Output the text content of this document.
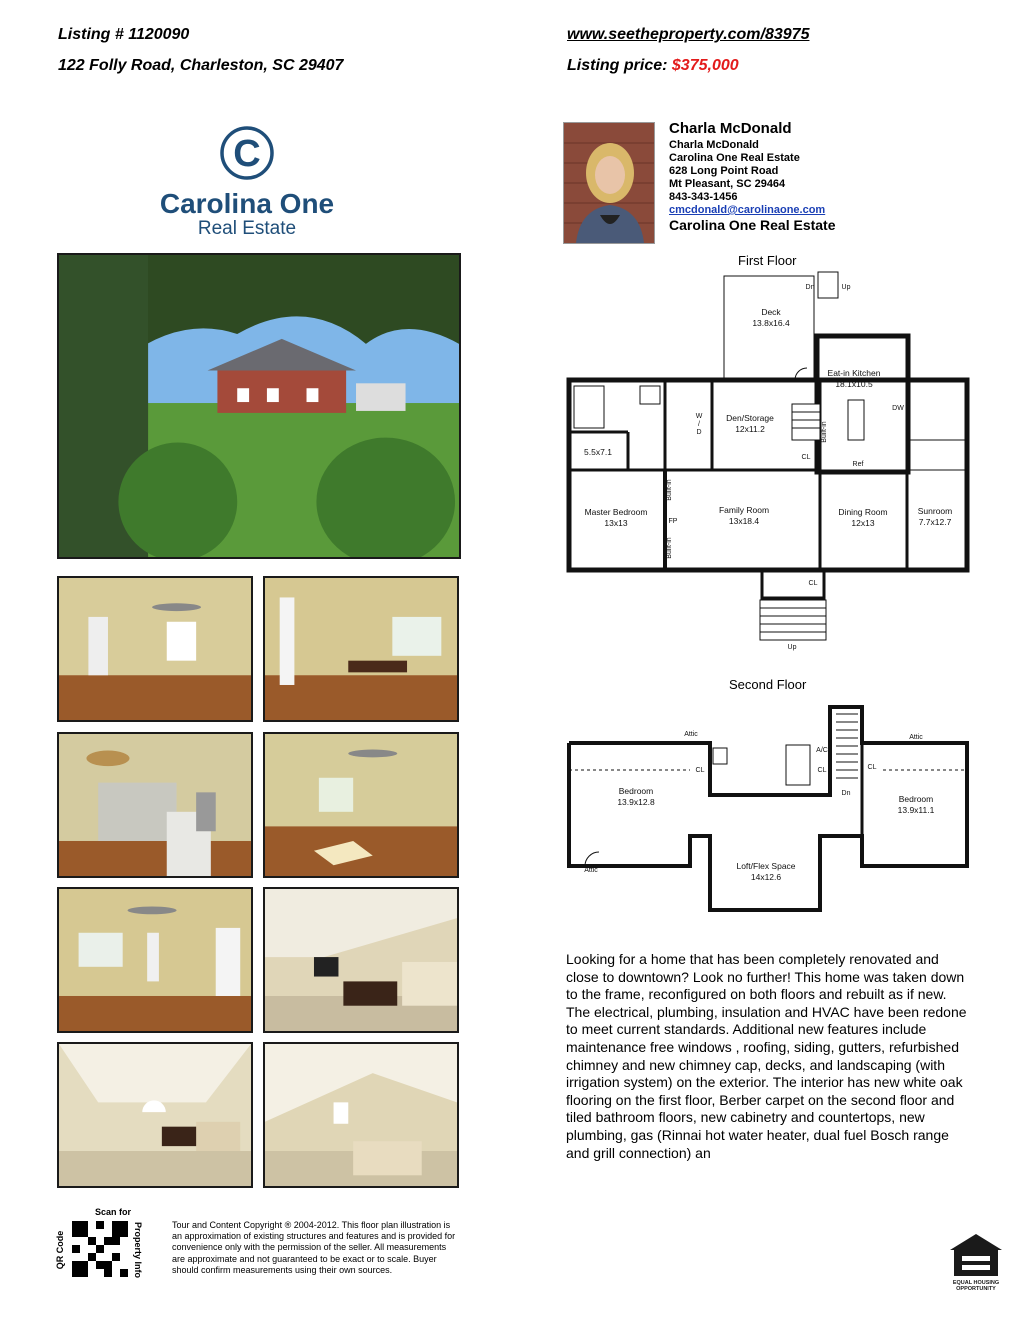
Listing # 1120090
122 Folly Road, Charleston, SC 29407
www.seetheproperty.com/83975
Listing price: $375,000
C
Carolina One
Real Estate
Charla McDonald
Charla McDonald
Carolina One Real Estate
628 Long Point Road
Mt Pleasant, SC 29464
843-343-1456
cmcdonald@carolinaone.com
Carolina One Real Estate
First Floor
Deck
13.8x16.4
Eat-in Kitchen
18.1x10.5
Den/Storage
12x11.2
5.5x7.1
Master Bedroom
13x13
Family Room
13x18.4
Dining Room
12x13
Sunroom
7.7x12.7
Dn	Up
Up
CL
CL
Ref
DW
FP
W
/
D
Built-in
Built-in
Built-in
Second Floor
Bedroom
13.9x12.8	Bedroom
13.9x11.1
Loft/Flex Space
14x12.6
Attic	Attic
Attic
CL	CL	CL
A/C
Dn
Looking for a home that has been completely renovated and close to downtown? Look no further! This home was taken down to the frame, reconfigured on both floors and rebuilt as if new. The electrical, plumbing, insulation and HVAC have been redone to meet current standards. Additional new features include maintenance free windows , roofing, siding, gutters, refurbished chimney and new chimney cap, decks, and landscaping (with irrigation system) on the exterior. The interior has new white oak flooring on the first floor, Berber carpet on the second floor and tiled bathroom floors, new cabinetry and countertops, new plumbing, gas (Rinnai hot water heater, dual fuel Bosch range and grill connection) an
Scan for
QR Code	Property Info	Tour and Content Copyright ® 2004-2012. This floor plan illustration is an approximation of existing structures and features and is provided for convenience only with the permission of the seller. All measurements are approximate and not guaranteed to be exact or to scale. Buyer should confirm measurements using their own sources.
EQUAL HOUSING
OPPORTUNITY
